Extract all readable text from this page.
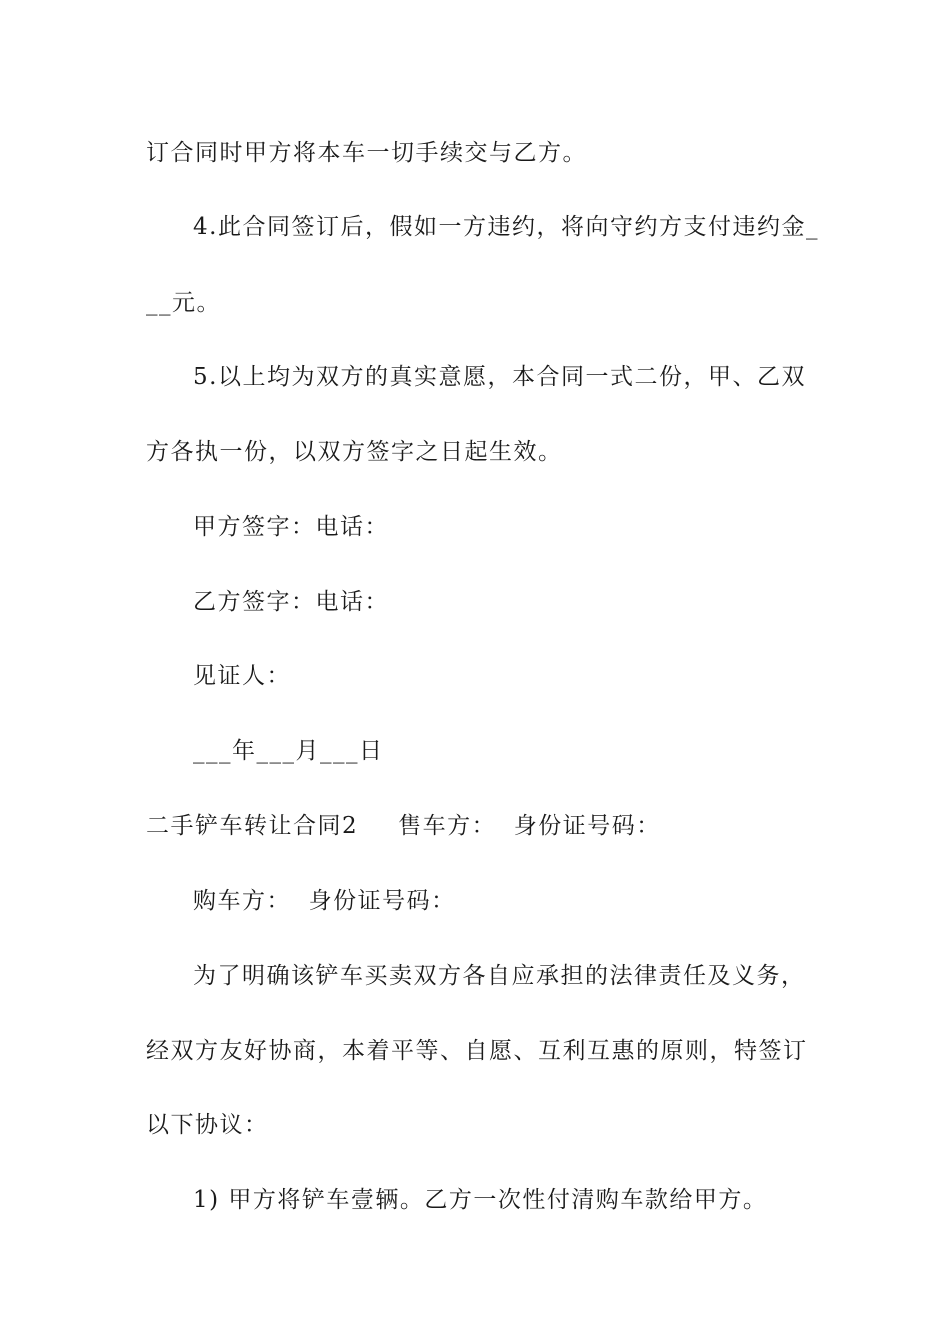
订合同时甲方将本车一切手续交与乙方。
4.此合同签订后，假如一方违约，将向守约方支付违约金_
__元。
5.以上均为双方的真实意愿，本合同一式二份，甲、乙双
方各执一份，以双方签字之日起生效。
甲方签字：电话：
乙方签字：电话：
见证人：
___年___月___日
二手铲车转让合同2 售车方：  身份证号码：
购车方：  身份证号码：
为了明确该铲车买卖双方各自应承担的法律责任及义务，
经双方友好协商，本着平等、自愿、互利互惠的原则，特签订
以下协议：
1) 甲方将铲车壹辆。乙方一次性付清购车款给甲方。
